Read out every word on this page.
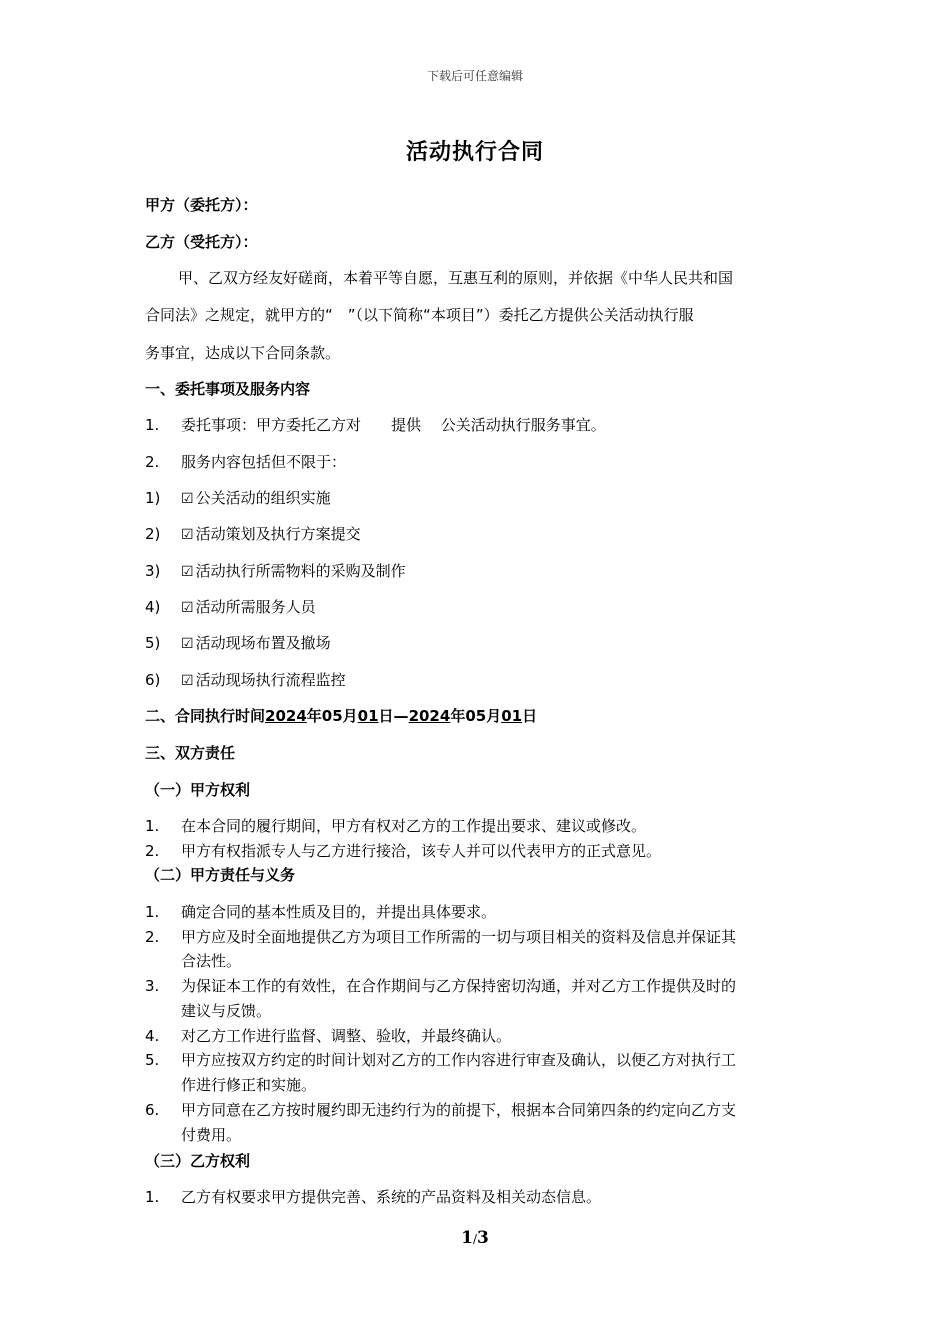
下载后可任意编辑
活动执行合同
甲方（委托方）：
乙方（受托方）：
甲、乙双方经友好磋商，本着平等自愿，互惠互利的原则，并依据《中华人民共和国
合同法》之规定，就甲方的“　”（以下简称“本项目”）委托乙方提供公关活动执行服
务事宜，达成以下合同条款。
一、委托事项及服务内容
1. 委托事项：甲方委托乙方对　　提供　 公关活动执行服务事宜。
2. 服务内容包括但不限于：
1) ☑ 公关活动的组织实施
2) ☑ 活动策划及执行方案提交
3) ☑ 活动执行所需物料的采购及制作
4) ☑ 活动所需服务人员
5) ☑ 活动现场布置及撤场
6) ☑ 活动现场执行流程监控
二、合同执行时间2024年05月01日—2024年05月01日
三、双方责任
（一）甲方权利
1. 在本合同的履行期间，甲方有权对乙方的工作提出要求、建议或修改。
2. 甲方有权指派专人与乙方进行接洽，该专人并可以代表甲方的正式意见。
（二）甲方责任与义务
1. 确定合同的基本性质及目的，并提出具体要求。
2. 甲方应及时全面地提供乙方为项目工作所需的一切与项目相关的资料及信息并保证其
合法性。
3. 为保证本工作的有效性，在合作期间与乙方保持密切沟通，并对乙方工作提供及时的
建议与反馈。
4. 对乙方工作进行监督、调整、验收，并最终确认。
5. 甲方应按双方约定的时间计划对乙方的工作内容进行审查及确认，以便乙方对执行工
作进行修正和实施。
6. 甲方同意在乙方按时履约即无违约行为的前提下，根据本合同第四条的约定向乙方支
付费用。
（三）乙方权利
1. 乙方有权要求甲方提供完善、系统的产品资料及相关动态信息。
1/3
